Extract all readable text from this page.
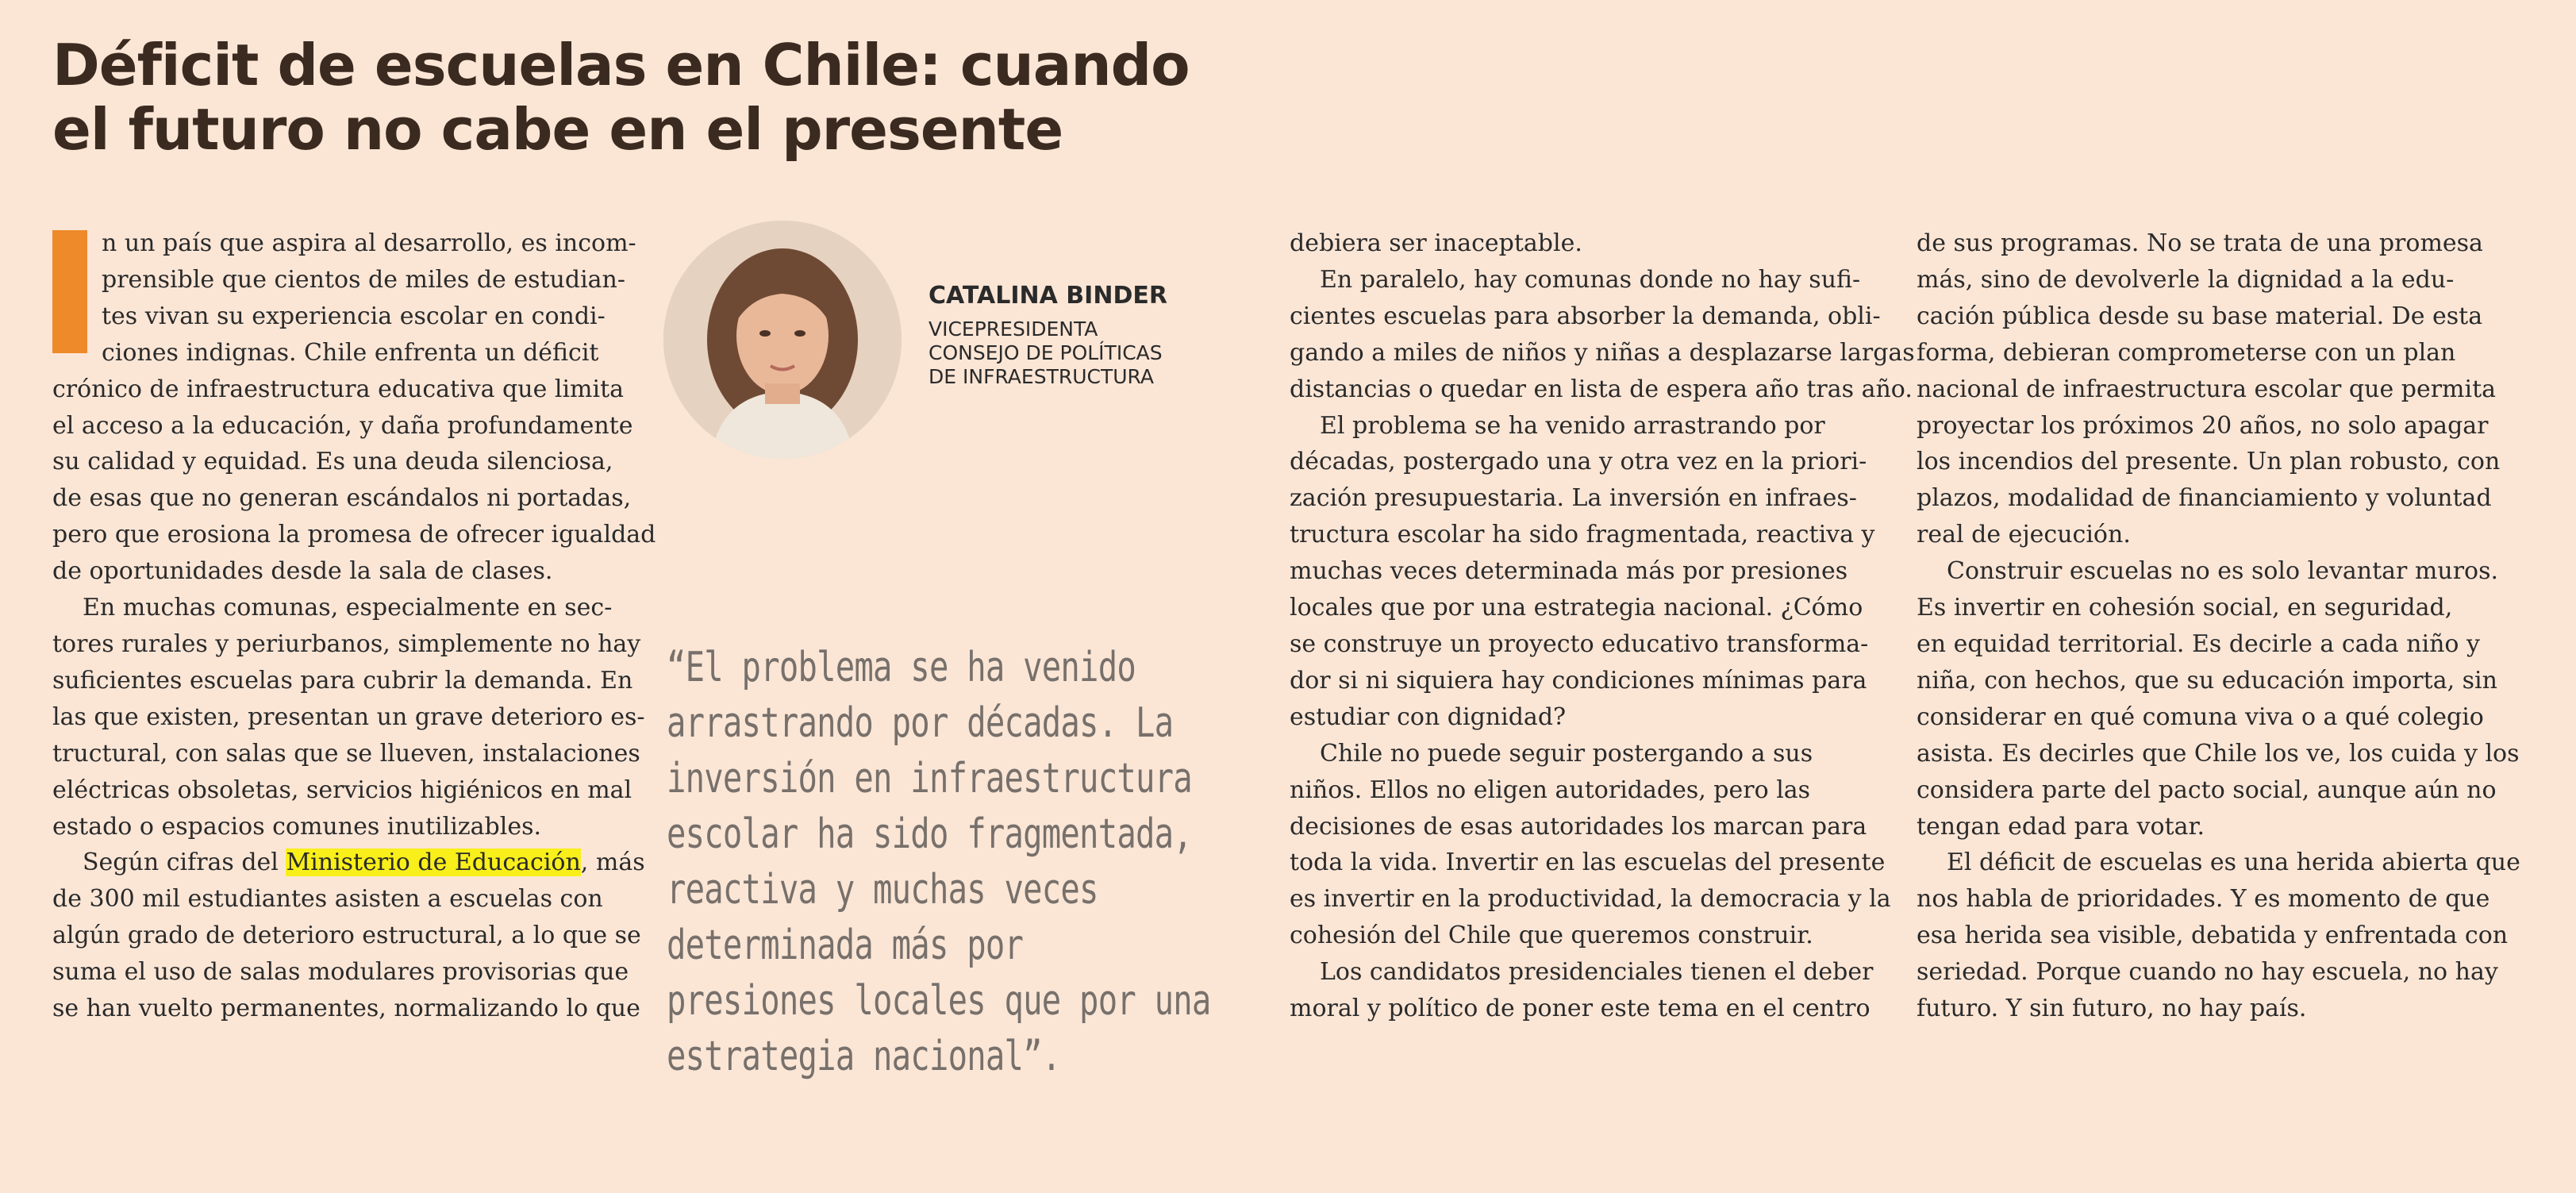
Déficit de escuelas en Chile: cuando
el futuro no cabe en el presente

n un país que aspira al desarrollo, es incom-
prensible que cientos de miles de estudian-
tes vivan su experiencia escolar en condi-
ciones indignas. Chile enfrenta un déficit
crónico de infraestructura educativa que limita
el acceso a la educación, y daña profundamente
su calidad y equidad. Es una deuda silenciosa,
de esas que no generan escándalos ni portadas,
pero que erosiona la promesa de ofrecer igualdad
de oportunidades desde la sala de clases.

En muchas comunas, especialmente en sec-
tores rurales y periurbanos, simplemente no hay
suficientes escuelas para cubrir la demanda. En
las que existen, presentan un grave deterioro es-
tructural, con salas que se llueven, instalaciones
eléctricas obsoletas, servicios higiénicos en mal
estado o espacios comunes inutilizables.

Según cifras del Ministerio de Educación, más
de 300 mil estudiantes asisten a escuelas con
algún grado de deterioro estructural, a lo que se
suma el uso de salas modulares provisorias que
se han vuelto permanentes, normalizando lo que

CATALINA BINDER
VICEPRESIDENTA
CONSEJO DE POLÍTICAS
DE INFRAESTRUCTURA
“El problema se ha venido
arrastrando por décadas. La
inversión en infraestructura
escolar ha sido fragmentada,
reactiva y muchas veces
determinada más por
presiones locales que por una
estrategia nacional”.

debiera ser inaceptable.

En paralelo, hay comunas donde no hay sufi-
cientes escuelas para absorber la demanda, obli-
gando a miles de niños y niñas a desplazarse largas
distancias o quedar en lista de espera año tras año.

El problema se ha venido arrastrando por
décadas, postergado una y otra vez en la priori-
zación presupuestaria. La inversión en infraes-
tructura escolar ha sido fragmentada, reactiva y
muchas veces determinada más por presiones
locales que por una estrategia nacional. ¿Cómo
se construye un proyecto educativo transforma-
dor si ni siquiera hay condiciones mínimas para
estudiar con dignidad?

Chile no puede seguir postergando a sus
niños. Ellos no eligen autoridades, pero las
decisiones de esas autoridades los marcan para
toda la vida. Invertir en las escuelas del presente
es invertir en la productividad, la democracia y la
cohesión del Chile que queremos construir.

Los candidatos presidenciales tienen el deber
moral y político de poner este tema en el centro

de sus programas. No se trata de una promesa
más, sino de devolverle la dignidad a la edu-
cación pública desde su base material. De esta
forma, debieran comprometerse con un plan
nacional de infraestructura escolar que permita
proyectar los próximos 20 años, no solo apagar
los incendios del presente. Un plan robusto, con
plazos, modalidad de financiamiento y voluntad
real de ejecución.

Construir escuelas no es solo levantar muros.
Es invertir en cohesión social, en seguridad,
en equidad territorial. Es decirle a cada niño y
niña, con hechos, que su educación importa, sin
considerar en qué comuna viva o a qué colegio
asista. Es decirles que Chile los ve, los cuida y los
considera parte del pacto social, aunque aún no
tengan edad para votar.

El déficit de escuelas es una herida abierta que
nos habla de prioridades. Y es momento de que
esa herida sea visible, debatida y enfrentada con
seriedad. Porque cuando no hay escuela, no hay
futuro. Y sin futuro, no hay país.
